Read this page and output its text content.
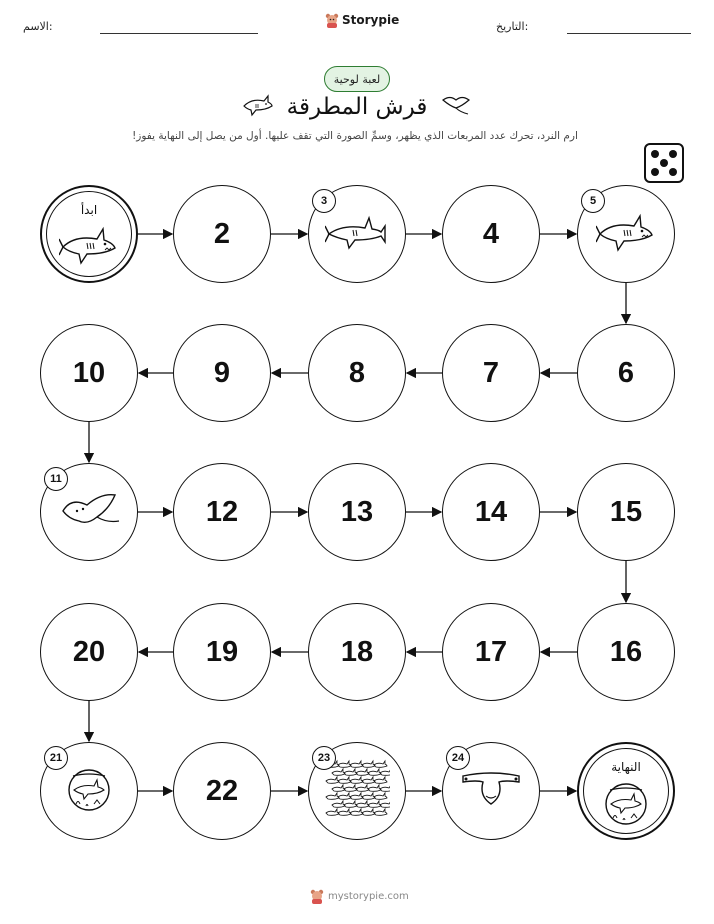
الاسم:	Storypie	التاريخ:
لعبة لوحية
قرش المطرقة
ارم النرد، تحرك عدد المربعات الذي يظهر، وسمِّ الصورة التي تقف عليها. أول من يصل إلى النهاية يفوز!
ابدأ
2
3
4
5
6
7
8
9
10
11
12	13	14	15
16
17
18
19
20
21
22
23	24
النهاية
mystorypie.com
